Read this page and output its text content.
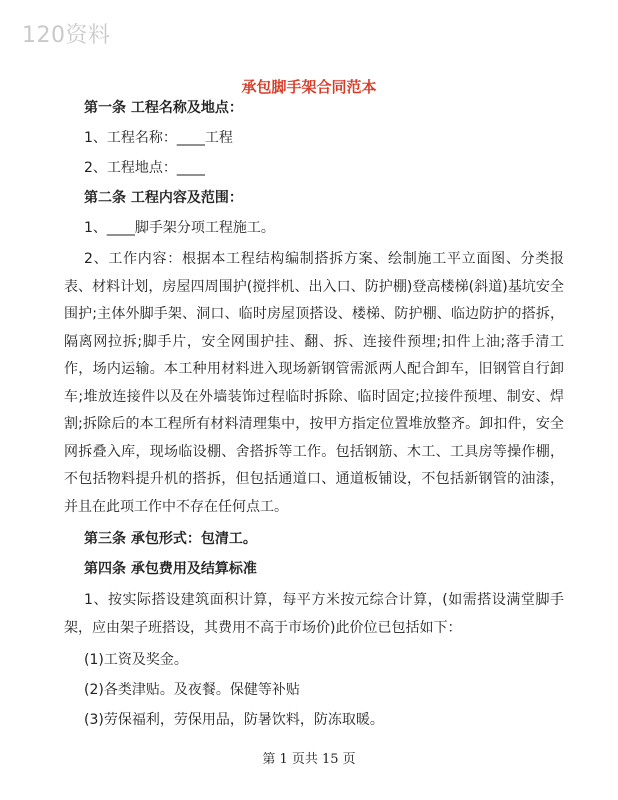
120资料
承包脚手架合同范本

第一条 工程名称及地点：

1、工程名称：____工程

2、工程地点：____

第二条 工程内容及范围：

1、____脚手架分项工程施工。

2、工作内容：根据本工程结构编制搭拆方案、绘制施工平立面图、分类报表、材料计划，房屋四周围护(搅拌机、出入口、防护棚)登高楼梯(斜道)基坑安全围护;主体外脚手架、洞口、临时房屋顶搭设、楼梯、防护棚、临边防护的搭拆，隔离网拉拆;脚手片，安全网围护挂、翻、拆、连接件预埋;扣件上油;落手清工作，场内运输。本工种用材料进入现场新钢管需派两人配合卸车，旧钢管自行卸车;堆放连接件以及在外墙装饰过程临时拆除、临时固定;拉接件预埋、制安、焊割;拆除后的本工程所有材料清理集中，按甲方指定位置堆放整齐。卸扣件，安全网拆叠入库，现场临设棚、舍搭拆等工作。包括钢筋、木工、工具房等操作棚，不包括物料提升机的搭拆，但包括通道口、通道板铺设，不包括新钢管的油漆，并且在此项工作中不存在任何点工。

第三条 承包形式：包清工。

第四条 承包费用及结算标准

1、按实际搭设建筑面积计算，每平方米按元综合计算，(如需搭设满堂脚手架，应由架子班搭设，其费用不高于市场价)此价位已包括如下：

(1)工资及奖金。

(2)各类津贴。及夜餐。保健等补贴

(3)劳保福利，劳保用品，防暑饮料，防冻取暖。

第 1 页共 15 页
